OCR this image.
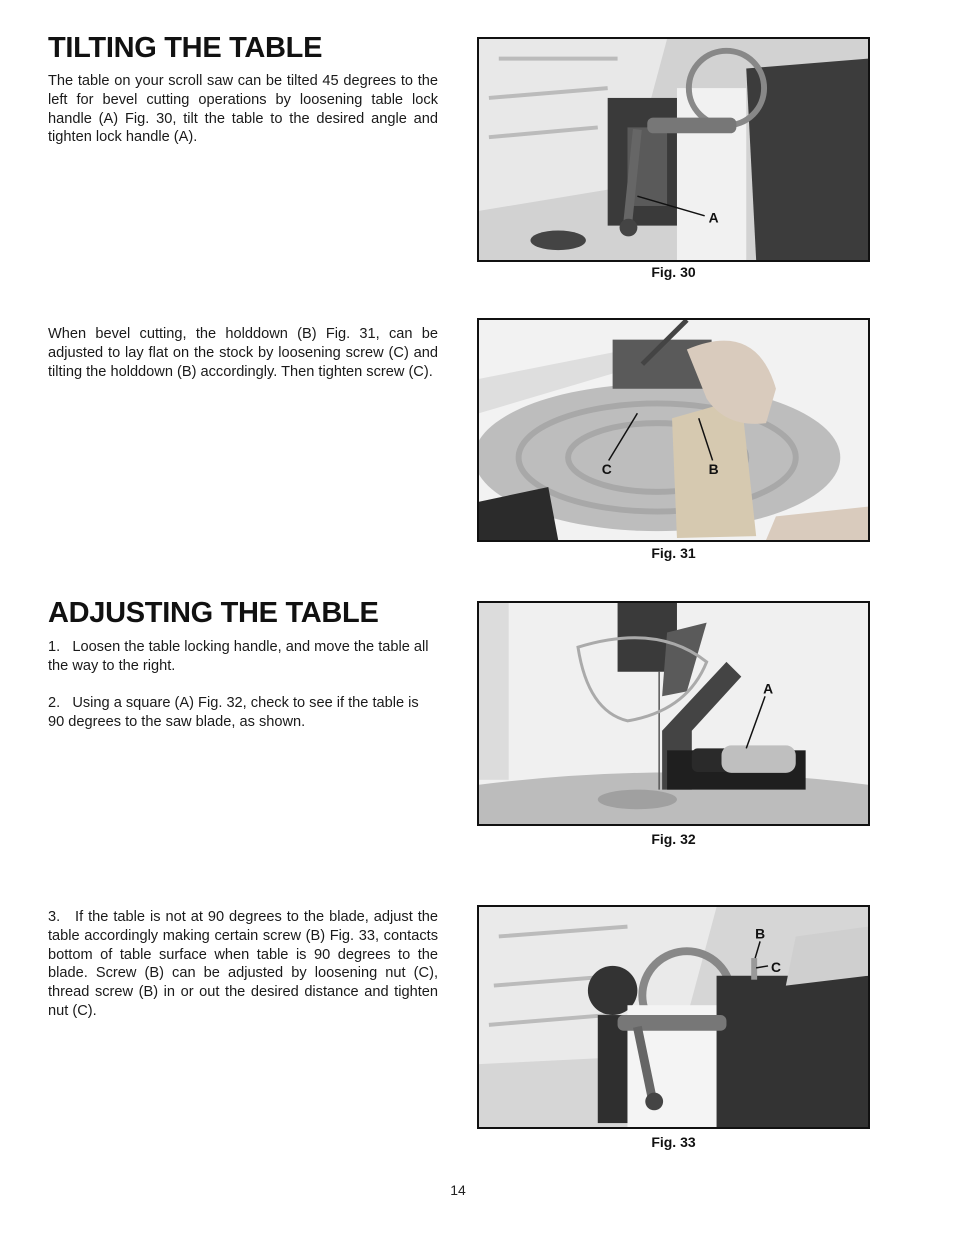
TILTING THE TABLE

The table on your scroll saw can be tilted 45 degrees to the left for bevel cutting operations by loosening table lock handle (A) Fig. 30, tilt the table to the desired angle and tighten lock handle (A).

When bevel cutting, the holddown (B) Fig. 31, can be adjusted to lay flat on the stock by loosening screw (C) and tilting the holddown (B) accordingly. Then tighten screw (C).

ADJUSTING THE TABLE

1.   Loosen the table locking handle, and move the table all the way to the right.

2.   Using a square (A) Fig. 32, check to see if the table is 90 degrees to the saw blade, as shown.

3.   If the table is not at 90 degrees to the blade, adjust the table accordingly making certain screw (B) Fig. 33, contacts bottom of table surface when table is 90 degrees to the blade. Screw (B) can be adjusted by loosening nut (C), thread screw (B) in or out the desired distance and tighten nut (C).

A
Fig. 30
C	B
Fig. 31
A
Fig. 32
B
C
Fig. 33
14
